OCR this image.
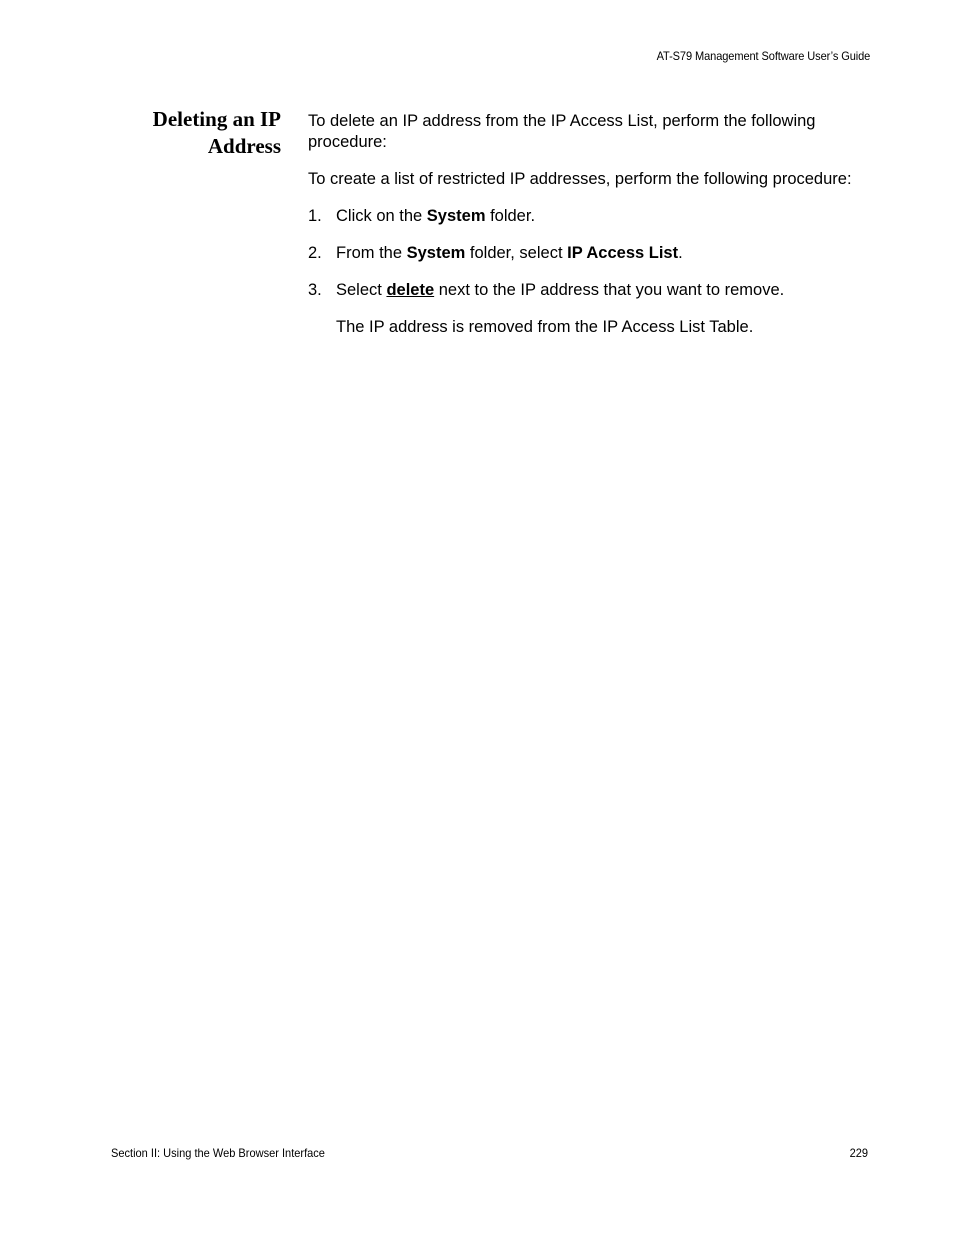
AT-S79 Management Software User’s Guide
Deleting an IP
Address

To delete an IP address from the IP Access List, perform the following procedure:

To create a list of restricted IP addresses, perform the following procedure:

1. Click on the System folder.
2. From the System folder, select IP Access List.
3. Select delete next to the IP address that you want to remove.

The IP address is removed from the IP Access List Table.

Section II: Using the Web Browser Interface	229
